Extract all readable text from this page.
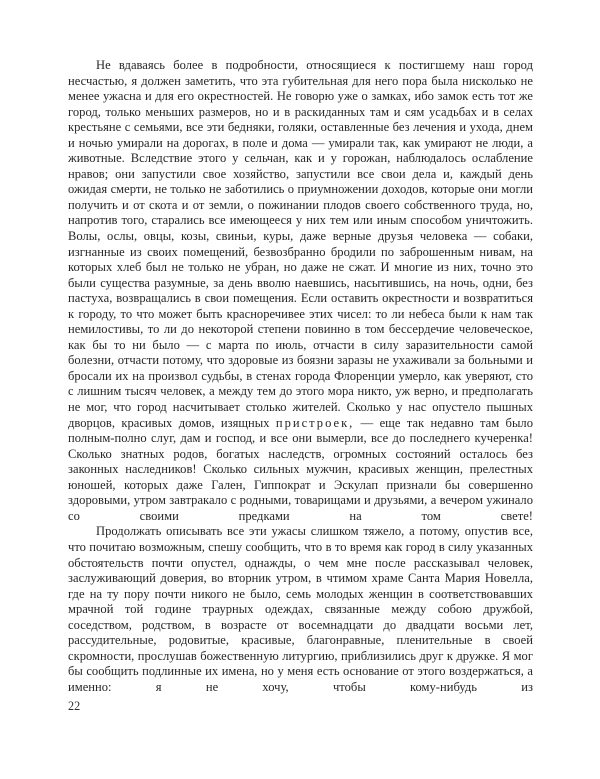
Не вдаваясь более в подробности, относящиеся к постигшему наш город несчастью, я должен заметить, что эта губительная для него пора была нисколько не менее ужасна и для его окрестностей. Не говорю уже о замках, ибо замок есть тот же город, только меньших размеров, но и в раскиданных там и сям усадьбах и в селах крестьяне с семьями, все эти бедняки, голяки, оставленные без лечения и ухода, днем и ночью умирали на дорогах, в поле и дома — умирали так, как умирают не люди, а животные. Вследствие этого у сельчан, как и у горожан, наблюдалось ослабление нравов; они запустили свое хозяйство, запустили все свои дела и, каждый день ожидая смерти, не только не заботились о приумножении доходов, которые они могли получить и от скота и от земли, о пожинании плодов своего собственного труда, но, напротив того, старались все имеющееся у них тем или иным способом уничтожить. Волы, ослы, овцы, козы, свиньи, куры, даже верные друзья человека — собаки, изгнанные из своих помещений, безвозбранно бродили по заброшенным нивам, на которых хлеб был не только не убран, но даже не сжат. И многие из них, точно это были существа разумные, за день вволю наевшись, насытившись, на ночь, одни, без пастуха, возвращались в свои помещения. Если оставить окрестности и возвратиться к городу, то что может быть красноречивее этих чисел: то ли небеса были к нам так немилостивы, то ли до некоторой степени повинно в том бессердечие человеческое, как бы то ни было — с марта по июль, отчасти в силу заразительности самой болезни, отчасти потому, что здоровые из боязни заразы не ухаживали за больными и бросали их на произвол судьбы, в стенах города Флоренции умерло, как уверяют, сто с лишним тысяч человек, а между тем до этого мора никто, уж верно, и предполагать не мог, что город насчитывает столько жителей. Сколько у нас опустело пышных дворцов, красивых домов, изящных пристроек, — еще так недавно там было полным-полно слуг, дам и господ, и все они вымерли, все до последнего кучеренка! Сколько знатных родов, богатых наследств, огромных состояний осталось без законных наследников! Сколько сильных мужчин, красивых женщин, прелестных юношей, которых даже Гален, Гиппократ и Эскулап признали бы совершенно здоровыми, утром завтракало с родными, товарищами и друзьями, а вечером ужинало со своими предками на том свете!

Продолжать описывать все эти ужасы слишком тяжело, а потому, опустив все, что почитаю возможным, спешу сообщить, что в то время как город в силу указанных обстоятельств почти опустел, однажды, о чем мне после рассказывал человек, заслуживающий доверия, во вторник утром, в чтимом храме Санта Мария Новелла, где на ту пору почти никого не было, семь молодых женщин в соответствовавших мрачной той године траурных одеждах, связанные между собою дружбой, соседством, родством, в возрасте от восемнадцати до двадцати восьми лет, рассудительные, родовитые, красивые, благонравные, пленительные в своей скромности, прослушав божественную литургию, приблизились друг к дружке. Я мог бы сообщить подлинные их имена, но у меня есть основание от этого воздержаться, а именно: я не хочу, чтобы кому-нибудь из

22
